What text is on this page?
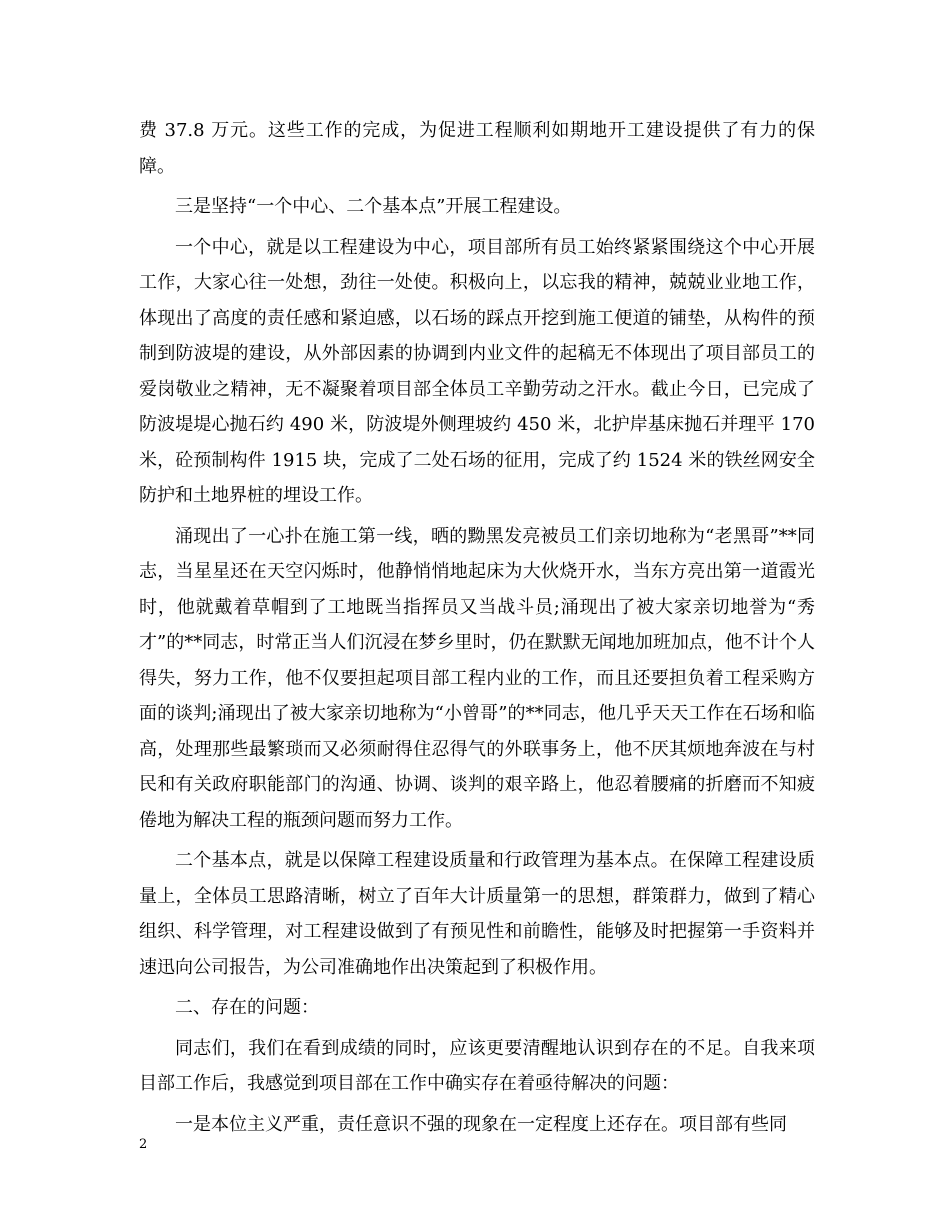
费 37.8 万元。这些工作的完成，为促进工程顺利如期地开工建设提供了有力的保障。

三是坚持“一个中心、二个基本点”开展工程建设。

一个中心，就是以工程建设为中心，项目部所有员工始终紧紧围绕这个中心开展工作，大家心往一处想，劲往一处使。积极向上，以忘我的精神，兢兢业业地工作，体现出了高度的责任感和紧迫感，以石场的踩点开挖到施工便道的铺垫，从构件的预制到防波堤的建设，从外部因素的协调到内业文件的起稿无不体现出了项目部员工的爱岗敬业之精神，无不凝聚着项目部全体员工辛勤劳动之汗水。截止今日，已完成了防波堤堤心抛石约 490 米，防波堤外侧理坡约 450 米，北护岸基床抛石并理平 170 米，砼预制构件 1915 块，完成了二处石场的征用，完成了约 1524 米的铁丝网安全防护和土地界桩的埋设工作。

涌现出了一心扑在施工第一线，晒的黝黑发亮被员工们亲切地称为“老黑哥”**同志，当星星还在天空闪烁时，他静悄悄地起床为大伙烧开水，当东方亮出第一道霞光时，他就戴着草帽到了工地既当指挥员又当战斗员;涌现出了被大家亲切地誉为“秀才”的**同志，时常正当人们沉浸在梦乡里时，仍在默默无闻地加班加点，他不计个人得失，努力工作，他不仅要担起项目部工程内业的工作，而且还要担负着工程采购方面的谈判;涌现出了被大家亲切地称为“小曾哥”的**同志，他几乎天天工作在石场和临高，处理那些最繁琐而又必须耐得住忍得气的外联事务上，他不厌其烦地奔波在与村民和有关政府职能部门的沟通、协调、谈判的艰辛路上，他忍着腰痛的折磨而不知疲倦地为解决工程的瓶颈问题而努力工作。

二个基本点，就是以保障工程建设质量和行政管理为基本点。在保障工程建设质量上，全体员工思路清晰，树立了百年大计质量第一的思想，群策群力，做到了精心组织、科学管理，对工程建设做到了有预见性和前瞻性，能够及时把握第一手资料并速迅向公司报告，为公司准确地作出决策起到了积极作用。

二、存在的问题：

同志们，我们在看到成绩的同时，应该更要清醒地认识到存在的不足。自我来项目部工作后，我感觉到项目部在工作中确实存在着亟待解决的问题：

一是本位主义严重，责任意识不强的现象在一定程度上还存在。项目部有些同

2
